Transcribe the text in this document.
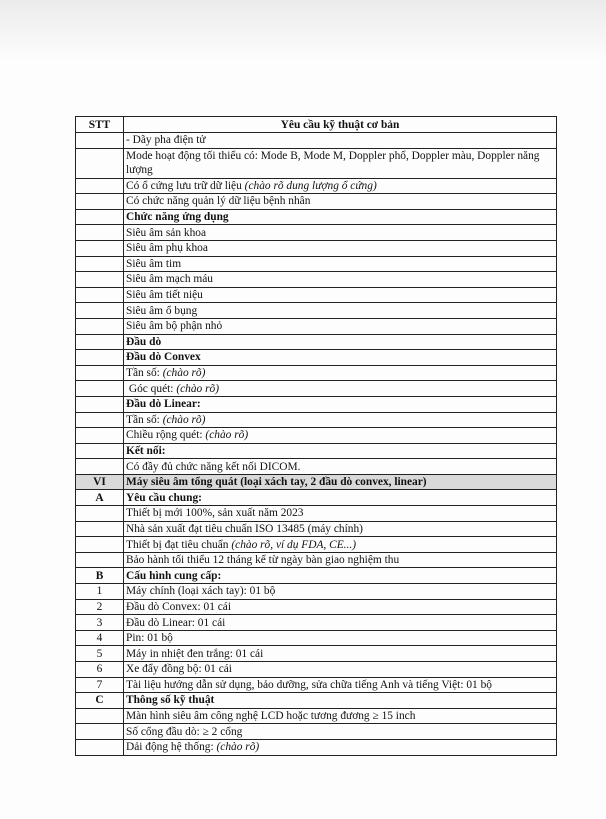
STT	Yêu cầu kỹ thuật cơ bản
	- Dãy pha điện tử
	Mode hoạt động tối thiểu có: Mode B, Mode M, Doppler phổ, Doppler màu, Doppler năng lượng
	Có ổ cứng lưu trữ dữ liệu (chào rõ dung lượng ổ cứng)
	Có chức năng quản lý dữ liệu bệnh nhân
	Chức năng ứng dụng
	Siêu âm sản khoa
	Siêu âm phụ khoa
	Siêu âm tim
	Siêu âm mạch máu
	Siêu âm tiết niệu
	Siêu âm ổ bụng
	Siêu âm bộ phận nhỏ
	Đầu dò
	Đầu dò Convex
	Tần số: (chào rõ)
	Góc quét: (chào rõ)
	Đầu dò Linear:
	Tần số: (chào rõ)
	Chiều rộng quét: (chào rõ)
	Kết nối:
	Có đầy đủ chức năng kết nối DICOM.
VI	Máy siêu âm tổng quát (loại xách tay, 2 đầu dò convex, linear)
A	Yêu cầu chung:
	Thiết bị mới 100%, sản xuất năm 2023
	Nhà sản xuất đạt tiêu chuẩn ISO 13485 (máy chính)
	Thiết bị đạt tiêu chuẩn (chào rõ, ví dụ FDA, CE...)
	Bảo hành tối thiểu 12 tháng kể từ ngày bàn giao nghiệm thu
B	Cấu hình cung cấp:
1	Máy chính (loại xách tay): 01 bộ
2	Đầu dò Convex: 01 cái
3	Đầu dò Linear: 01 cái
4	Pin: 01 bộ
5	Máy in nhiệt đen trắng: 01 cái
6	Xe đẩy đồng bộ: 01 cái
7	Tài liệu hướng dẫn sử dụng, bảo dưỡng, sửa chữa tiếng Anh và tiếng Việt: 01 bộ
C	Thông số kỹ thuật
	Màn hình siêu âm công nghệ LCD hoặc tương đương ≥ 15 inch
	Số cổng đầu dò: ≥ 2 cổng
	Dải động hệ thống: (chào rõ)
